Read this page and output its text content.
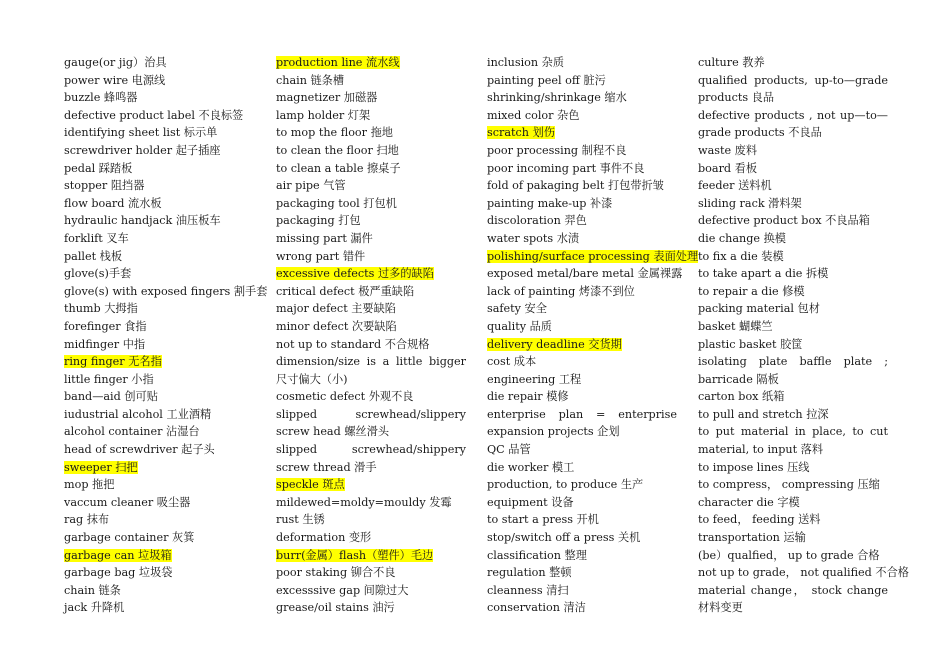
gauge(or jig）治具
power wire 电源线
buzzle 蜂鸣器
defective product label 不良标签
identifying sheet list 标示单
screwdriver holder 起子插座
pedal 踩踏板
stopper 阻挡器
flow board 流水板
hydraulic handjack 油压板车
forklift 叉车
pallet 栈板
glove(s)手套
glove(s) with exposed fingers 割手套
thumb 大拇指
forefinger 食指
midfinger 中指
ring finger 无名指
little finger 小指
band—aid 创可贴
iudustrial alcohol 工业酒精
alcohol container 沾湿台
head of screwdriver 起子头
sweeper 扫把
mop 拖把
vaccum cleaner 吸尘器
rag 抹布
garbage container 灰箕
garbage can 垃圾箱
garbage bag 垃圾袋
chain 链条
jack 升降机
production line 流水线
chain 链条槽
magnetizer 加磁器
lamp holder 灯架
to mop the floor 拖地
to clean the floor 扫地
to clean a table 擦桌子
air pipe 气管
packaging tool 打包机
packaging 打包
missing part 漏件
wrong part 错件
excessive defects 过多的缺陷
critical defect 极严重缺陷
major defect 主要缺陷
minor defect 次要缺陷
not up to standard 不合规格
dimension/size is a little bigger 尺寸偏大（小)
cosmetic defect 外观不良
slipped screwhead/slippery screw head 螺丝滑头
slipped screwhead/shippery screw thread 滑手
speckle 斑点
mildewed=moldy=mouldy 发霉
rust 生锈
deformation 变形
burr(金属）flash（塑件）毛边
poor staking 铆合不良
excesssive gap 间隙过大
grease/oil stains 油污
inclusion 杂质
painting peel off 脏污
shrinking/shrinkage 缩水
mixed color 杂色
scratch 划伤
poor processing 制程不良
poor incoming part 事件不良
fold of pakaging belt 打包带折皱
painting make-up 补漆
discoloration 羿色
water spots 水渍
polishing/surface processing 表面处理
exposed metal/bare metal 金属裸露
lack of painting 烤漆不到位
safety 安全
quality 品质
delivery deadline 交货期
cost 成本
engineering 工程
die repair 模修
enterprise plan = enterprise expansion projects 企划
QC 品管
die worker 模工
production, to produce 生产
equipment 设备
to start a press 开机
stop/switch off a press 关机
classification 整理
regulation 整顿
cleanness 清扫
conservation 清洁
culture 教养
qualified products, up-to—grade products 良品
defective products , not up—to—grade products 不良品
waste 废料
board 看板
feeder 送料机
sliding rack 滑料架
defective product box 不良品箱
die change 换模
to fix a die 装模
to take apart a die 拆模
to repair a die 修模
packing material 包材
basket 蝴蝶竺
plastic basket 胶筐
isolating plate baffle plate ; barricade 隔板
carton box 纸箱
to pull and stretch 拉深
to put material in place, to cut material, to input 落料
to impose lines 压线
to compress， compressing 压缩
character die 字模
to feed， feeding 送料
transportation 运输
(be）qualfied， up to grade 合格
not up to grade， not qualified 不合格
material change， stock change 材料变更
